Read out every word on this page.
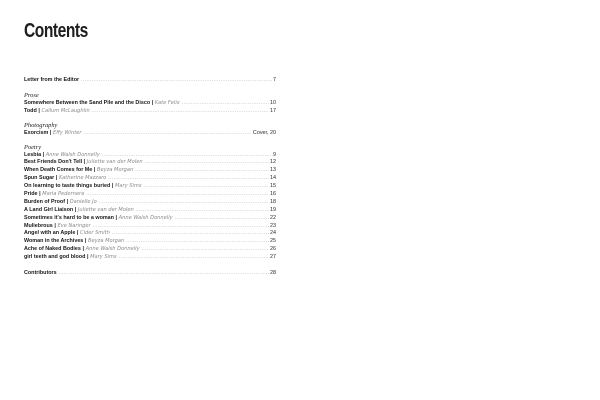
Contents
Letter from the Editor .....	7

Prose

Somewhere Between the Sand Pile and the Disco | Kate Felix .....	10
Todd | Callum McLaughlin .....	17

Photography

Exorcism | Effy Winter .....	Cover, 20

Poetry

Lesbia | Anne Walsh Donnelly .....	9
Best Friends Don't Tell | Juliette van der Molen .....	12
When Death Comes for Me | Beyza Morgan .....	13
Spun Sugar | Katherine Mazzaro .....	14
On learning to taste things buried | Mary Sims .....	15
Pride | Maria Pedernera .....	16
Burden of Proof | Danielle Jo .....	18
A Land Girl Liaison | Juliette van der Molen .....	19
Sometimes it's hard to be a woman | Anne Walsh Donnelly .....	22
Muliebrous | Eve Naringer .....	23
Angel with an Apple | Cider Smith .....	24
Woman in the Archives | Beyza Morgan .....	25
Ache of Naked Bodies | Anne Walsh Donnelly .....	26
girl teeth and god blood | Mary Sims .....	27
Contributors .....	28
